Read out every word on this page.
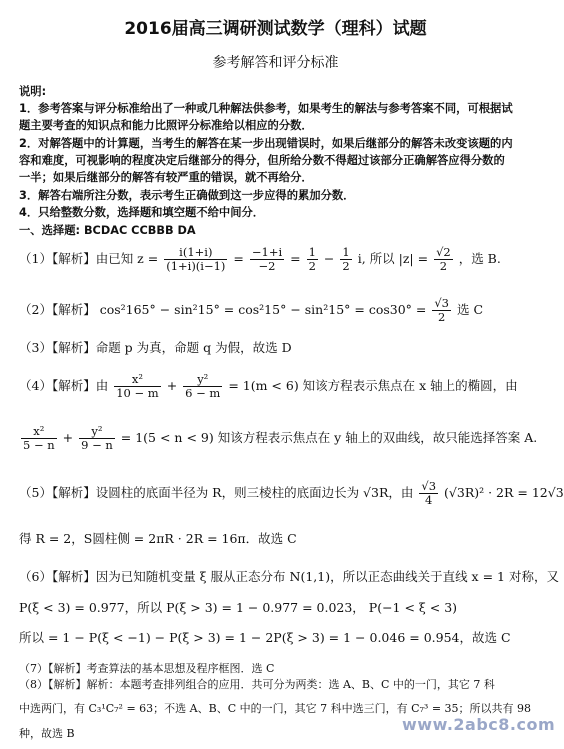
2016届高三调研测试数学（理科）试题
参考解答和评分标准
说明:
1．参考答案与评分标准给出了一种或几种解法供参考，如果考生的解法与参考答案不同，可根据试
题主要考查的知识点和能力比照评分标准给以相应的分数．
2．对解答题中的计算题，当考生的解答在某一步出现错误时，如果后继部分的解答未改变该题的内
容和难度，可视影响的程度决定后继部分的得分，但所给分数不得超过该部分正确解答应得分数的
一半；如果后继部分的解答有较严重的错误，就不再给分．
3．解答右端所注分数，表示考生正确做到这一步应得的累加分数．
4．只给整数分数，选择题和填空题不给中间分．
一、选择题: BCDAC CCBBB DA
（1）【解析】由已知 $z = \frac{i(1+i)}{(1+i)(i-1)} = \frac{-1+i}{-2} = \frac{1}{2} - \frac{1}{2} i$, 所以 $|z| = \frac{√2}{2}$ ，选 B.
（2）【解析】 $\cos^2165^\circ - \sin^215^\circ = \cos^215^\circ - \sin^215^\circ = \cos 30^\circ = \frac{√3}{2}$ 选 C
（3）【解析】命题 p 为真，命题 q 为假，故选 D
（4）【解析】由 $\frac{\text{x²}}{10 - m} + \frac{\text{y²}}{6 - m} = 1(m < 6)$ 知该方程表示焦点在 x 轴上的椭圆，由
$\frac{\text{x²}}{5 - n} + \frac{\text{y²}}{9 - n} = 1(5 < n < 9)$ 知该方程表示焦点在 y 轴上的双曲线，故只能选择答案 A.
（5）【解析】设圆柱的底面半径为 R，则三棱柱的底面边长为 √3R，由 $\frac{√3}{4} (√3R)^2 \cdot 2R = 12√3$
得 R = 2，S圆柱侧 = 2πR · 2R = 16π．故选 C
（6）【解析】因为已知随机变量 ξ 服从正态分布 N(1,1)，所以正态曲线关于直线 x = 1 对称，又
P(ξ < 3) = 0.977，所以 P(ξ > 3) = 1 − 0.977 = 0.023， P(−1 < ξ < 3)
所以 = 1 − P(ξ < −1) − P(ξ > 3) = 1 − 2P(ξ > 3) = 1 − 0.046 = 0.954，故选 C
（7）【解析】考查算法的基本思想及程序框图．选 C
（8）【解析】解析：本题考查排列组合的应用．共可分为两类：选 A、B、C 中的一门，其它 7 科
中选两门，有 C₃¹C₇² = 63；不选 A、B、C 中的一门，其它 7 科中选三门，有 C₇³ = 35；所以共有 98
种，故选 B	www.2abc8.com
